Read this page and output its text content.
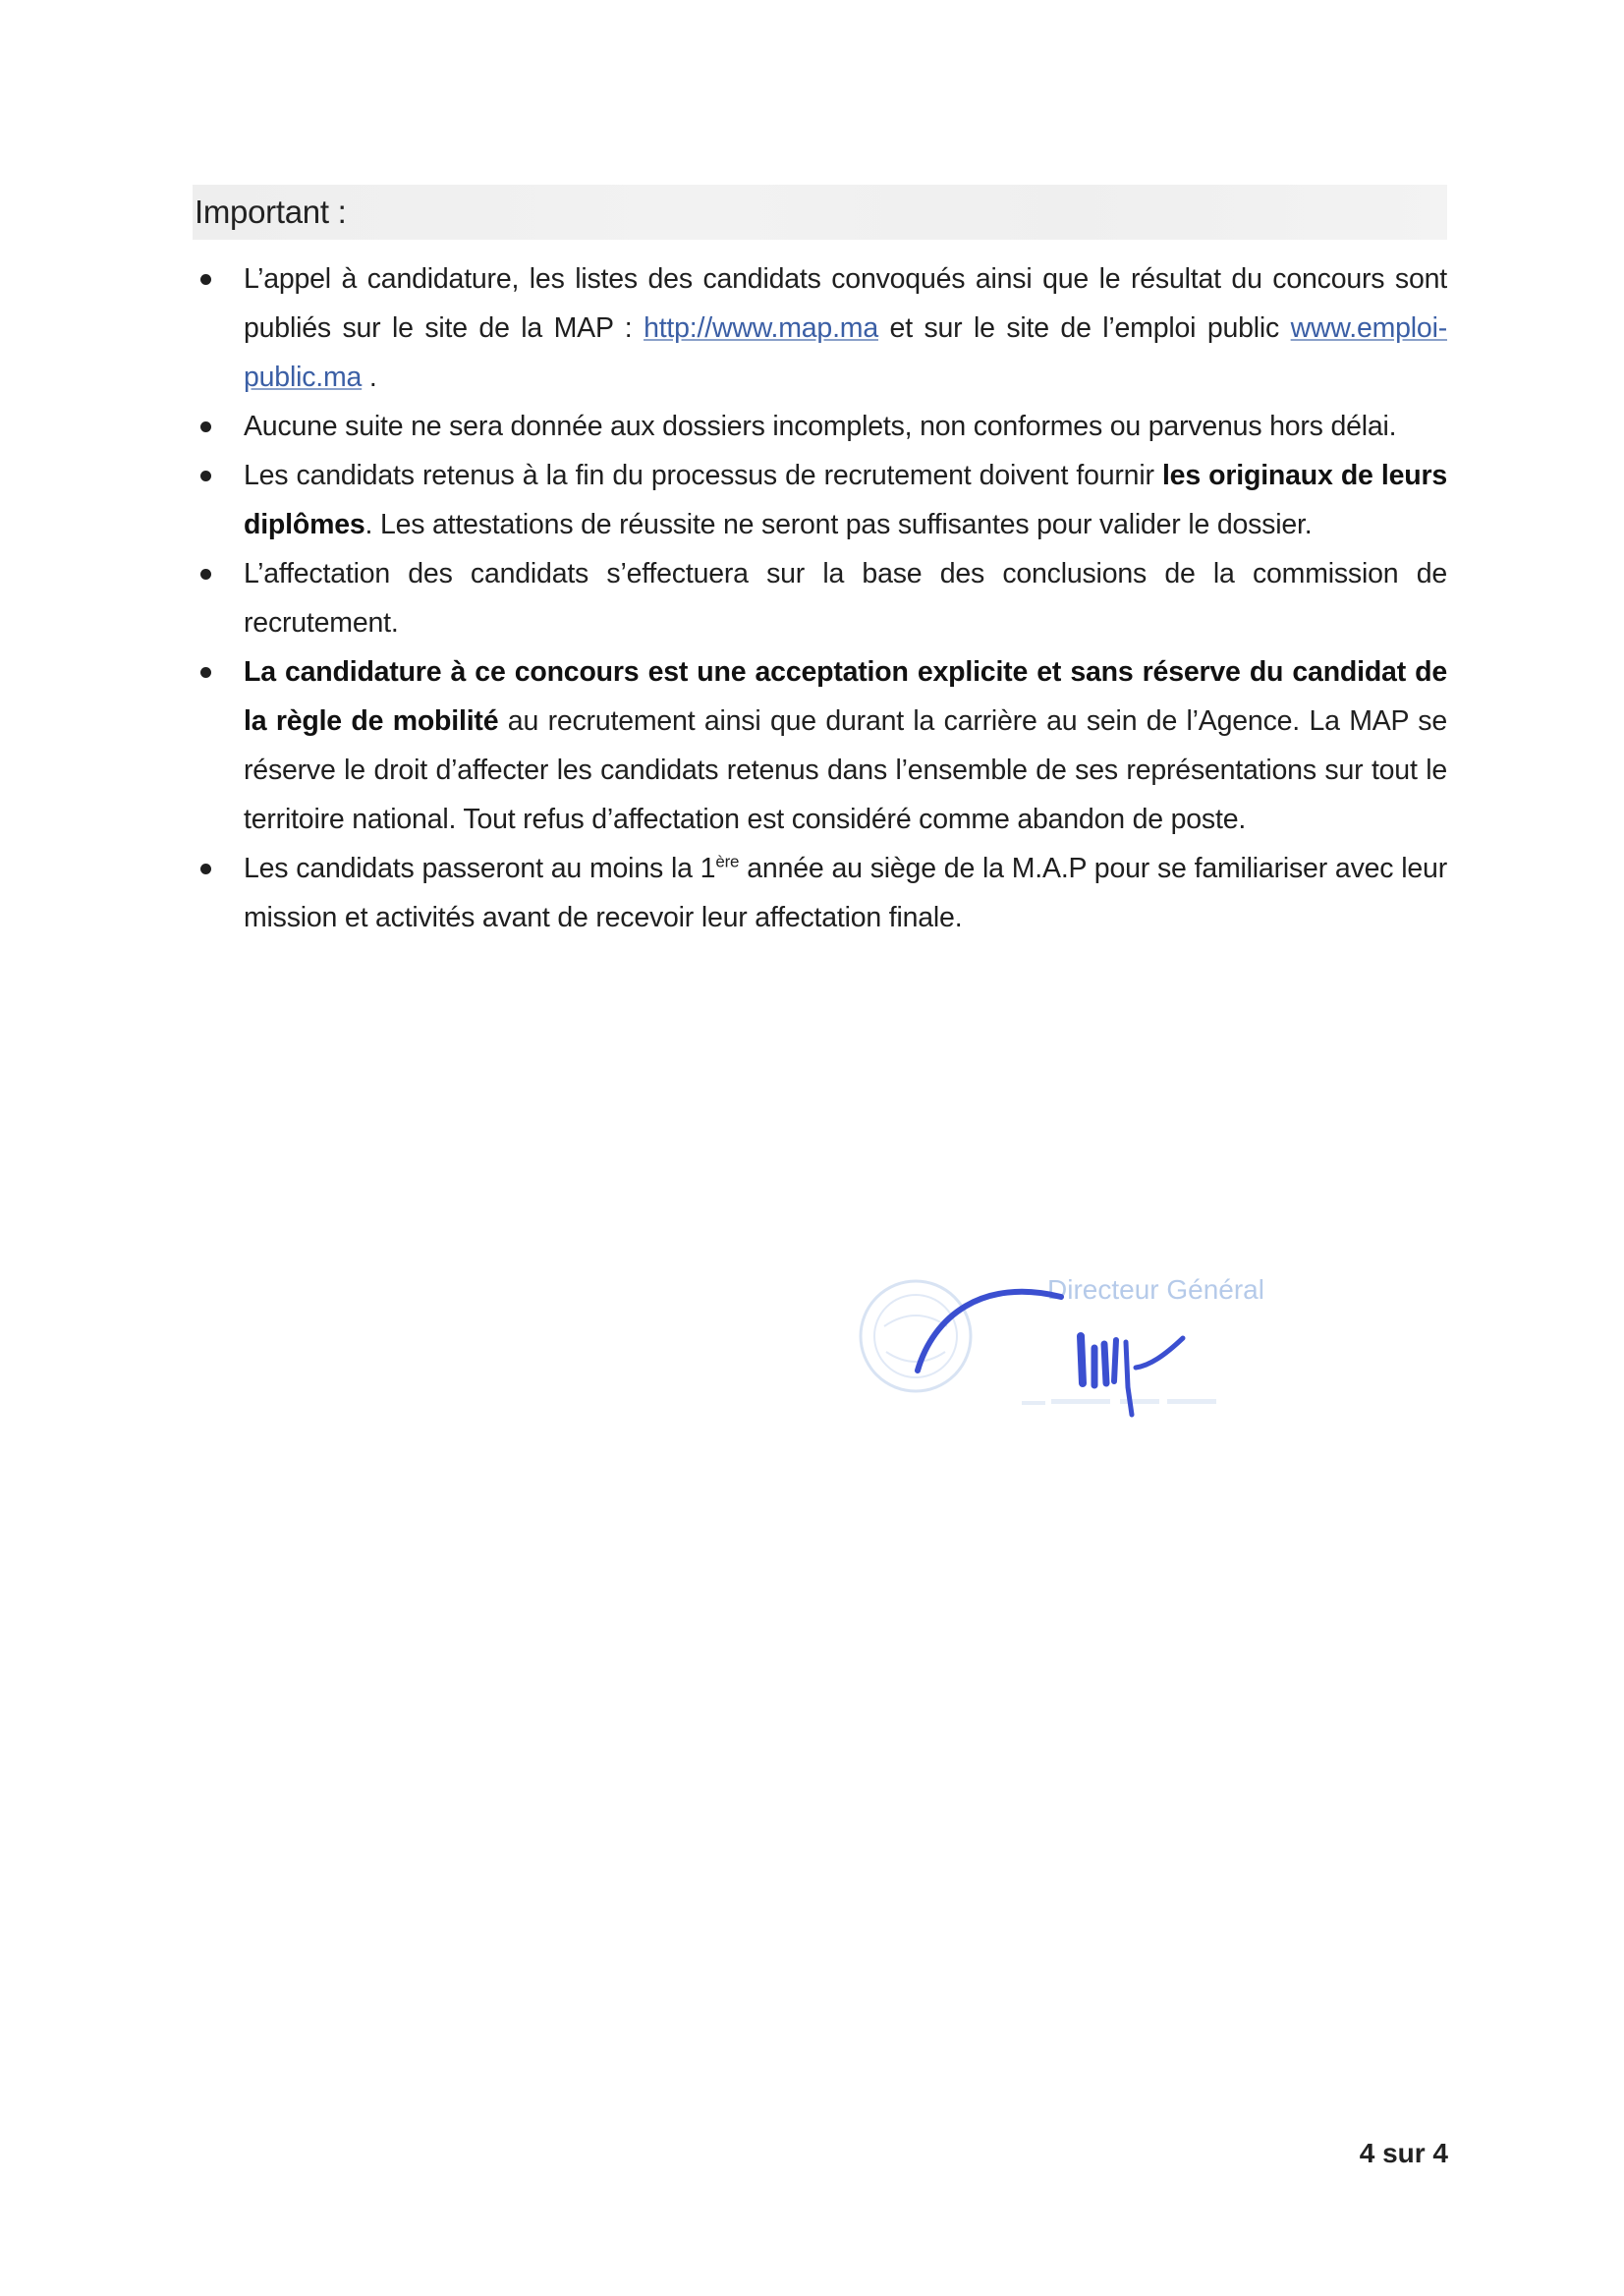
Important :
L’appel à candidature, les listes des candidats convoqués ainsi que le résultat du concours sont publiés sur le site de la MAP : http://www.map.ma et sur le site de l’emploi public www.emploi-public.ma .
Aucune suite ne sera donnée aux dossiers incomplets, non conformes ou parvenus hors délai.
Les candidats retenus à la fin du processus de recrutement doivent fournir les originaux de leurs diplômes. Les attestations de réussite ne seront pas suffisantes pour valider le dossier.
L’affectation des candidats s’effectuera sur la base des conclusions de la commission de recrutement.
La candidature à ce concours est une acceptation explicite et sans réserve du candidat de la règle de mobilité au recrutement ainsi que durant la carrière au sein de l’Agence. La MAP se réserve le droit d’affecter les candidats retenus dans l’ensemble de ses représentations sur tout le territoire national. Tout refus d’affectation est considéré comme abandon de poste.
Les candidats passeront au moins la 1ère année au siège de la M.A.P pour se familiariser avec leur mission et activités avant de recevoir leur affectation finale.
Directeur Général
4 sur 4
